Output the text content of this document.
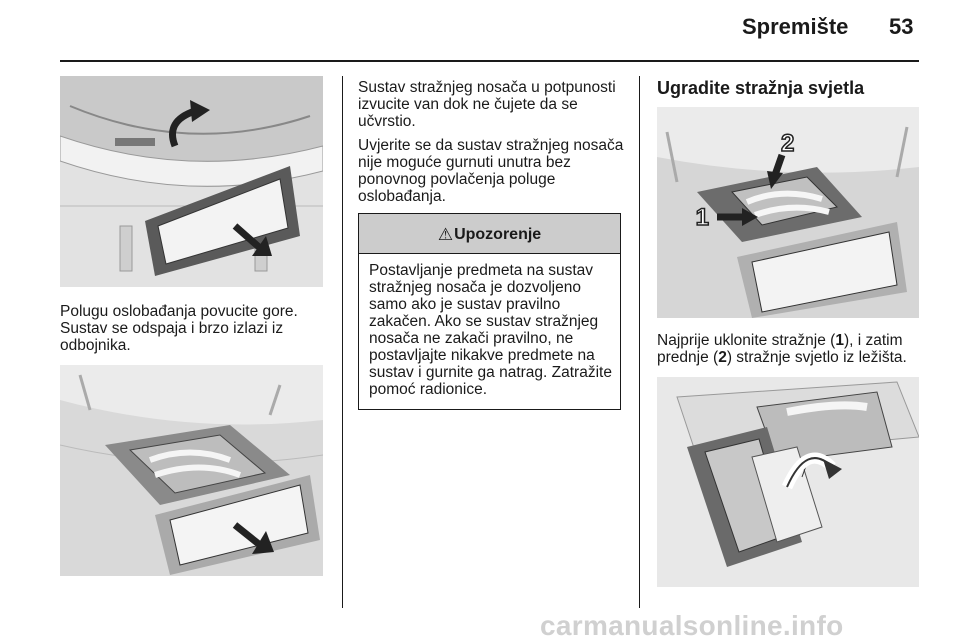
Spremište 53

Polugu oslobađanja povucite gore. Sustav se odspaja i brzo izlazi iz odbojnika.

Sustav stražnjeg nosača u potpunosti izvucite van dok ne čujete da se učvrstio.

Uvjerite se da sustav stražnjeg nosača nije moguće gurnuti unutra bez ponovnog povlačenja poluge oslobađanja.

⚠ Upozorenje

Postavljanje predmeta na sustav stražnjeg nosača je dozvoljeno samo ako je sustav pravilno zakačen. Ako se sustav stražnjeg nosača ne zakači pravilno, ne postavljajte nikakve predmete na sustav i gurnite ga natrag. Zatražite pomoć radionice.

Ugradite stražnja svjetla
1
2

Najprije uklonite stražnje (1), i zatim prednje (2) stražnje svjetlo iz ležišta.

carmanualsonline.info
